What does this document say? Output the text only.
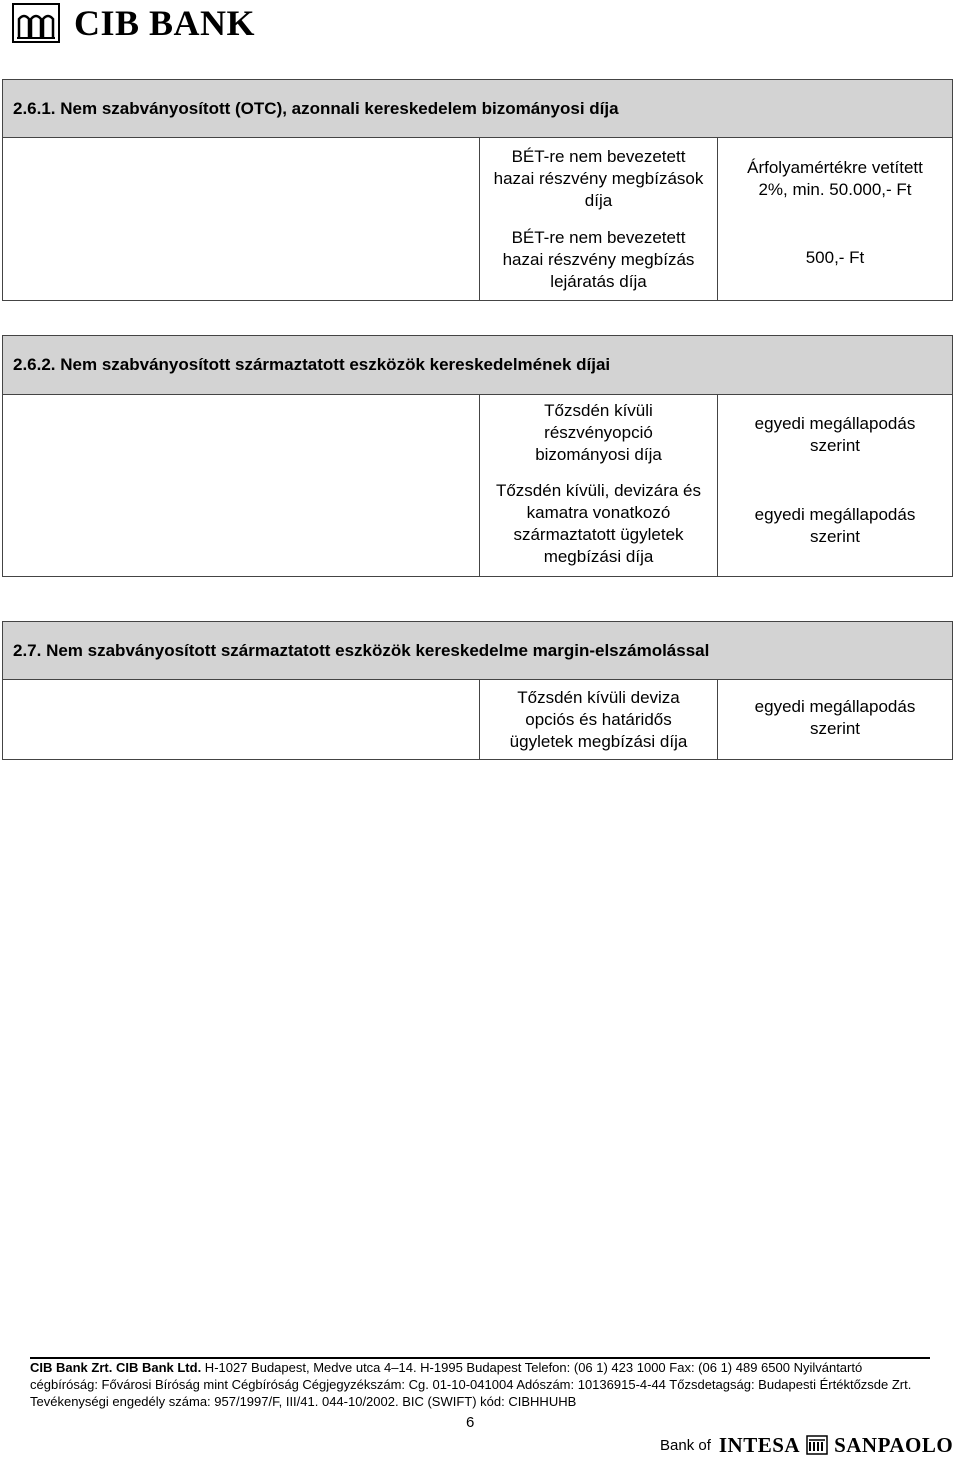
CIB BANK
2.6.1. Nem szabványosított (OTC), azonnali kereskedelem bizományosi díja
BÉT-re nem bevezetett hazai részvény megbízások díja
BÉT-re nem bevezetett hazai részvény megbízás lejáratás díja
Árfolyamértékre vetített 2%, min. 50.000,- Ft
500,- Ft
2.6.2. Nem szabványosított származtatott eszközök kereskedelmének díjai
Tőzsdén kívüli részvényopció bizományosi díja
Tőzsdén kívüli, devizára és kamatra vonatkozó származtatott ügyletek megbízási díja
egyedi megállapodás szerint
egyedi megállapodás szerint
2.7. Nem szabványosított származtatott eszközök kereskedelme margin-elszámolással
Tőzsdén kívüli deviza opciós és határidős ügyletek megbízási díja
egyedi megállapodás szerint
CIB Bank Zrt. CIB Bank Ltd. H-1027 Budapest, Medve utca 4–14. H-1995 Budapest Telefon: (06 1) 423 1000 Fax: (06 1) 489 6500 Nyilvántartó
cégbíróság: Fővárosi Bíróság mint Cégbíróság Cégjegyzékszám: Cg. 01-10-041004 Adószám: 10136915-4-44 Tőzsdetagság: Budapesti Értéktőzsde Zrt.
Tevékenységi engedély száma: 957/1997/F, III/41. 044-10/2002. BIC (SWIFT) kód: CIBHHUHB
6
Bank of INTESA SANPAOLO
